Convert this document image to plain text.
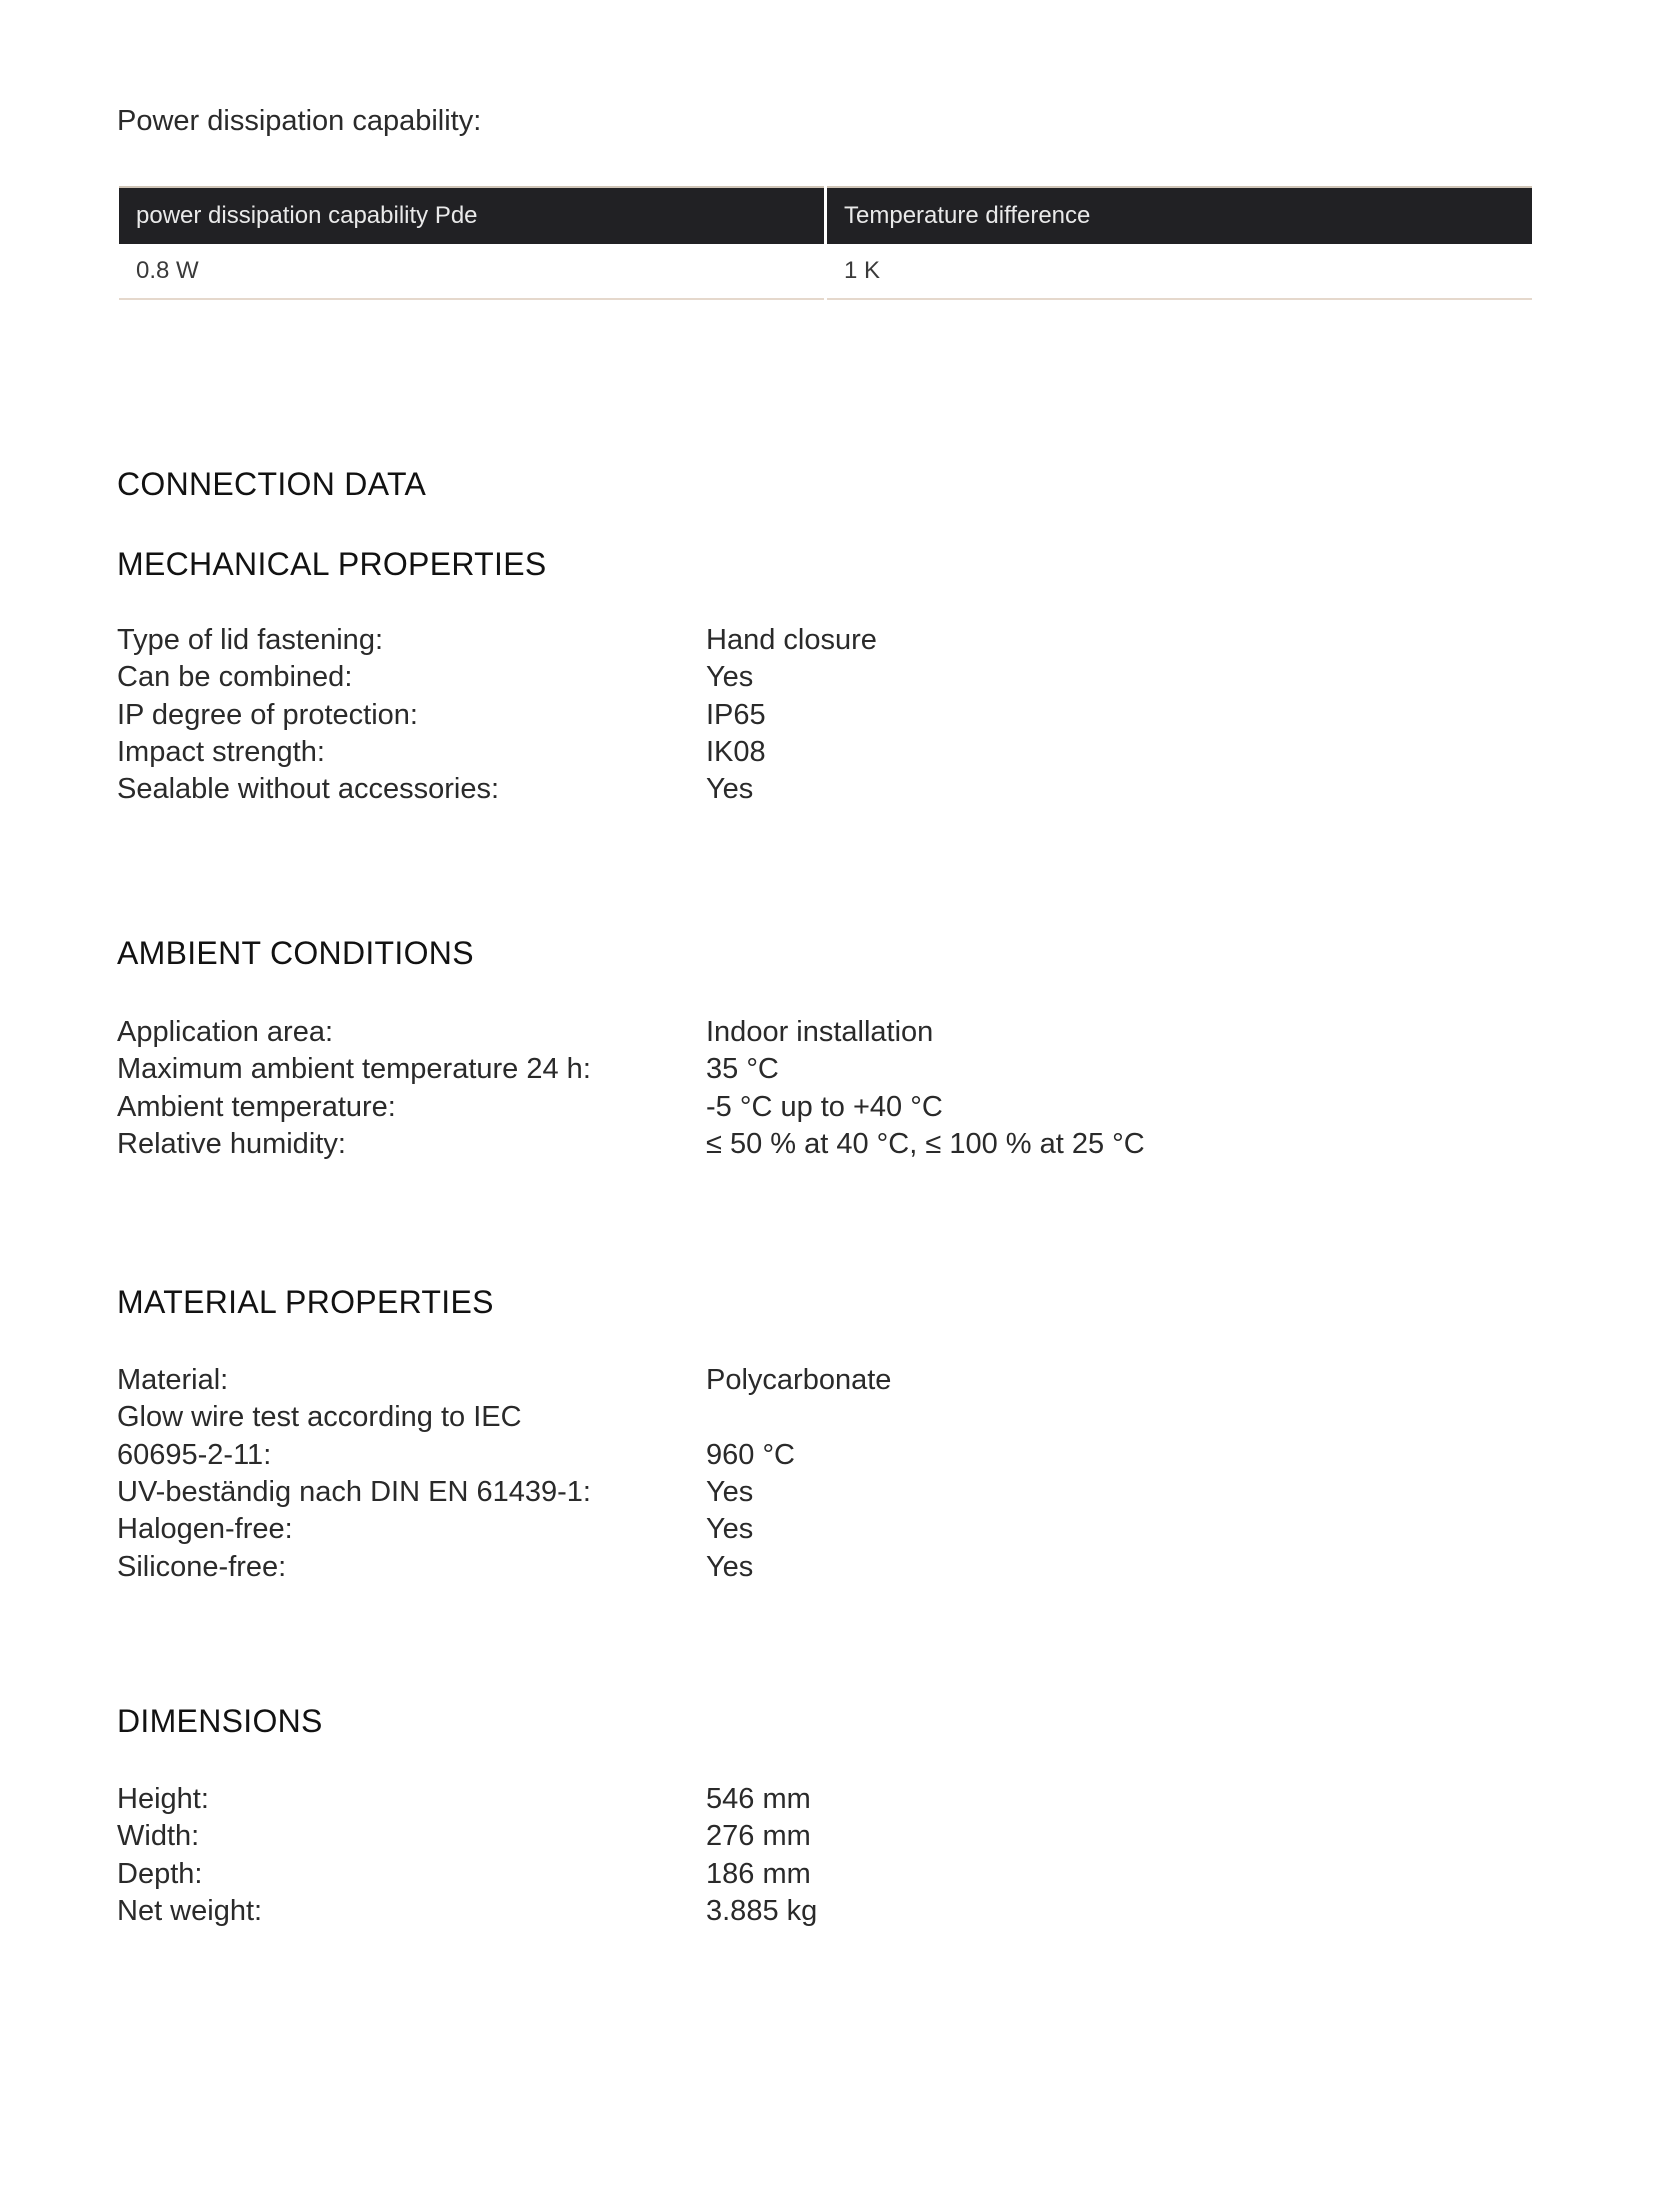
Power dissipation capability:
power dissipation capability Pde	Temperature difference
0.8 W	1 K
CONNECTION DATA
MECHANICAL PROPERTIES
Type of lid fastening:	Hand closure
Can be combined:	Yes
IP degree of protection:	IP65
Impact strength:	IK08
Sealable without accessories:	Yes
AMBIENT CONDITIONS
Application area:	Indoor installation
Maximum ambient temperature 24 h:	35 °C
Ambient temperature:	-5 °C up to +40 °C
Relative humidity:	≤ 50 % at 40 °C, ≤ 100 % at 25 °C
MATERIAL PROPERTIES
Material:	Polycarbonate
Glow wire test according to IEC
60695-2-11:	960 °C
UV-beständig nach DIN EN 61439-1:	Yes
Halogen-free:	Yes
Silicone-free:	Yes
DIMENSIONS
Height:	546 mm
Width:	276 mm
Depth:	186 mm
Net weight:	3.885 kg
